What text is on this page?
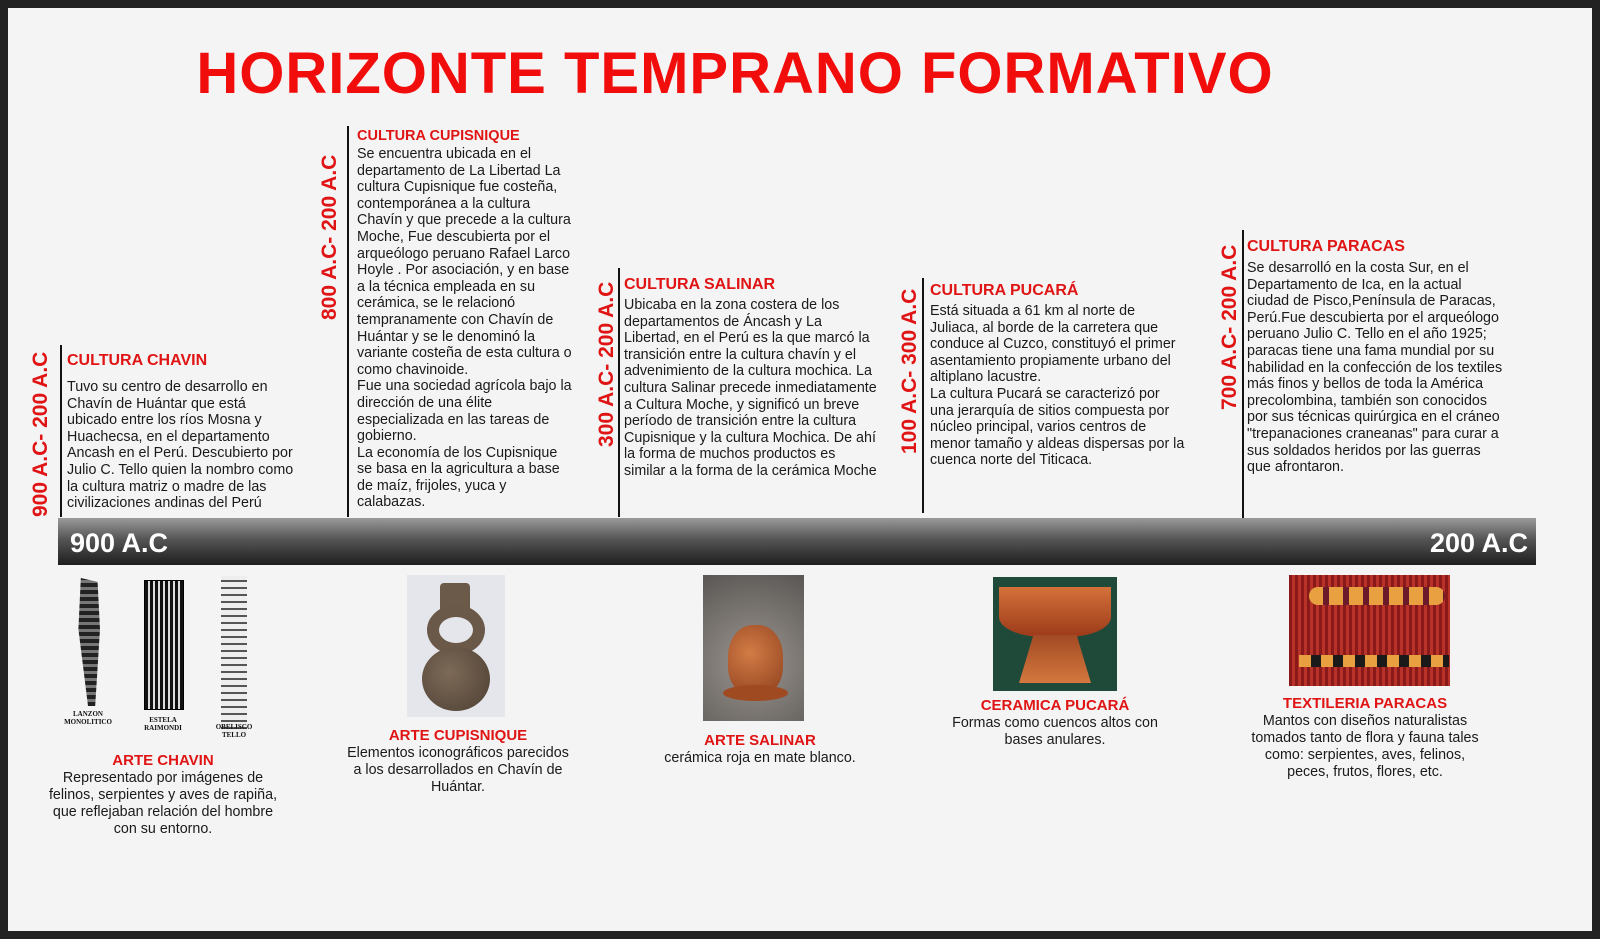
HORIZONTE TEMPRANO FORMATIVO
900 A.C- 200 A.C CULTURA CHAVIN
Tuvo su centro de desarrollo en
Chavín de Huántar que está
ubicado entre los ríos Mosna y
Huachecsa, en el departamento
Ancash en el Perú. Descubierto por
Julio C. Tello quien la nombro como
la cultura matriz o madre de las
civilizaciones andinas del Perú
800 A.C- 200 A.C
CULTURA CUPISNIQUE
Se encuentra ubicada en el
departamento de La Libertad La
cultura Cupisnique fue costeña,
contemporánea a la cultura
Chavín y que precede a la cultura
Moche, Fue descubierta por el
arqueólogo peruano Rafael Larco
Hoyle . Por asociación, y en base
a la técnica empleada en su
cerámica, se le relacionó
tempranamente con Chavín de
Huántar y se le denominó la
variante costeña de esta cultura o
como chavinoide.
Fue una sociedad agrícola bajo la
dirección de una élite
especializada en las tareas de
gobierno.
La economía de los Cupisnique
se basa en la agricultura a base
de maíz, frijoles, yuca y
calabazas.
300 A.C- 200 A.C CULTURA SALINAR
Ubicaba en la zona costera de los
departamentos de Áncash y La
Libertad, en el Perú es la que marcó la
transición entre la cultura chavín y el
advenimiento de la cultura mochica. La
cultura Salinar precede inmediatamente
a Cultura Moche, y significó un breve
período de transición entre la cultura
Cupisnique y la cultura Mochica. De ahí
la forma de muchos productos es
similar a la forma de la cerámica Moche
100 A.C- 300 A.C CULTURA PUCARÁ
Está situada a 61 km al norte de
Juliaca, al borde de la carretera que
conduce al Cuzco, constituyó el primer
asentamiento propiamente urbano del
altiplano lacustre.
La cultura Pucará se caracterizó por
una jerarquía de sitios compuesta por
núcleo principal, varios centros de
menor tamaño y aldeas dispersas por la
cuenca norte del Titicaca.
700 A.C- 200 A.C CULTURA PARACAS
Se desarrolló en la costa Sur, en el
Departamento de Ica, en la actual
ciudad de Pisco,Península de Paracas,
Perú.Fue descubierta por el arqueólogo
peruano Julio C. Tello en el año 1925;
paracas tiene una fama mundial por su
habilidad en la confección de los textiles
más finos y bellos de toda la América
precolombina, también son conocidos
por sus técnicas quirúrgica en el cráneo
"trepanaciones craneanas" para curar a
sus soldados heridos por las guerras
que afrontaron.
900 A.C	200 A.C
LANZON
MONOLITICO	ESTELA
RAIMONDI	OBELISCO
TELLO
ARTE CHAVIN
Representado por imágenes de
felinos, serpientes y aves de rapiña,
que reflejaban relación del hombre
con su entorno.
ARTE CUPISNIQUE
Elementos iconográficos parecidos
a los desarrollados en Chavín de
Huántar.
ARTE SALINAR
cerámica roja en mate blanco.
CERAMICA PUCARÁ
Formas como cuencos altos con
bases anulares.
TEXTILERIA PARACAS
Mantos con diseños naturalistas
tomados tanto de flora y fauna tales
como: serpientes, aves, felinos,
peces, frutos, flores, etc.
